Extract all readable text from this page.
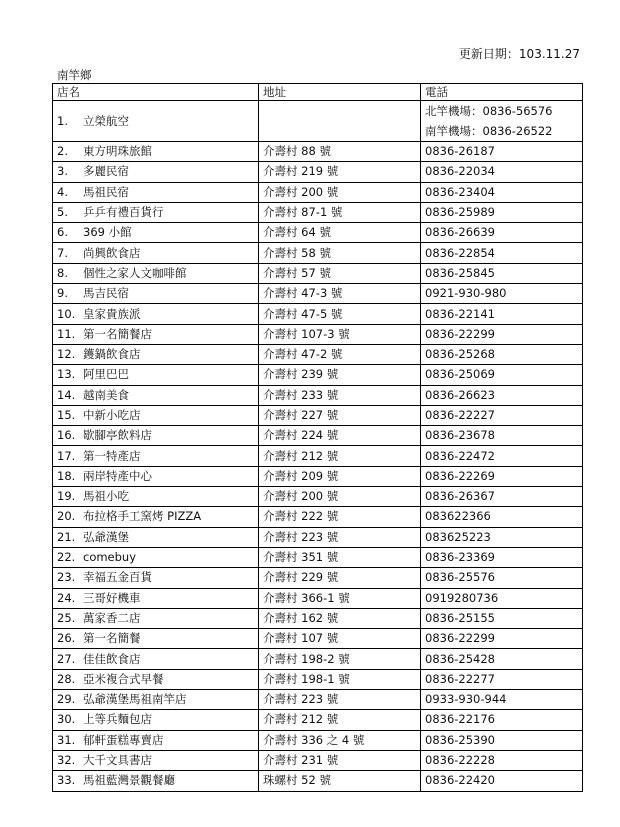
更新日期：103.11.27
南竿鄉
店名	地址	電話
1. 立榮航空		北竿機場：0836-56576
南竿機場：0836-26522

2. 東方明珠旅館	介壽村 88 號	0836-26187
3. 多麗民宿	介壽村 219 號	0836-22034
4. 馬祖民宿	介壽村 200 號	0836-23404
5. 乒乒有禮百貨行	介壽村 87-1 號	0836-25989
6. 369 小館	介壽村 64 號	0836-26639
7. 尚興飲食店	介壽村 58 號	0836-22854
8. 個性之家人文咖啡館	介壽村 57 號	0836-25845
9. 馬吉民宿	介壽村 47-3 號	0921-930-980
10. 皇家貴族派	介壽村 47-5 號	0836-22141
11. 第一名簡餐店	介壽村 107-3 號	0836-22299
12. 鑊鍋飲食店	介壽村 47-2 號	0836-25268
13. 阿里巴巴	介壽村 239 號	0836-25069
14. 越南美食	介壽村 233 號	0836-26623
15. 中新小吃店	介壽村 227 號	0836-22227
16. 歇腳亭飲料店	介壽村 224 號	0836-23678
17. 第一特產店	介壽村 212 號	0836-22472
18. 兩岸特產中心	介壽村 209 號	0836-22269
19. 馬祖小吃	介壽村 200 號	0836-26367
20. 布拉格手工窯烤 PIZZA	介壽村 222 號	083622366
21. 弘爺漢堡	介壽村 223 號	083625223
22. comebuy	介壽村 351 號	0836-23369
23. 幸福五金百貨	介壽村 229 號	0836-25576
24. 三哥好機車	介壽村 366-1 號	0919280736
25. 萬家香二店	介壽村 162 號	0836-25155
26. 第一名簡餐	介壽村 107 號	0836-22299
27. 佳佳飲食店	介壽村 198-2 號	0836-25428
28. 亞米複合式早餐	介壽村 198-1 號	0836-22277
29. 弘爺漢堡馬祖南竿店	介壽村 223 號	0933-930-944
30. 上等兵麵包店	介壽村 212 號	0836-22176
31. 郁軒蛋糕專賣店	介壽村 336 之 4 號	0836-25390
32. 大千文具書店	介壽村 231 號	0836-22228
33. 馬祖藍灣景觀餐廳	珠螺村 52 號	0836-22420
